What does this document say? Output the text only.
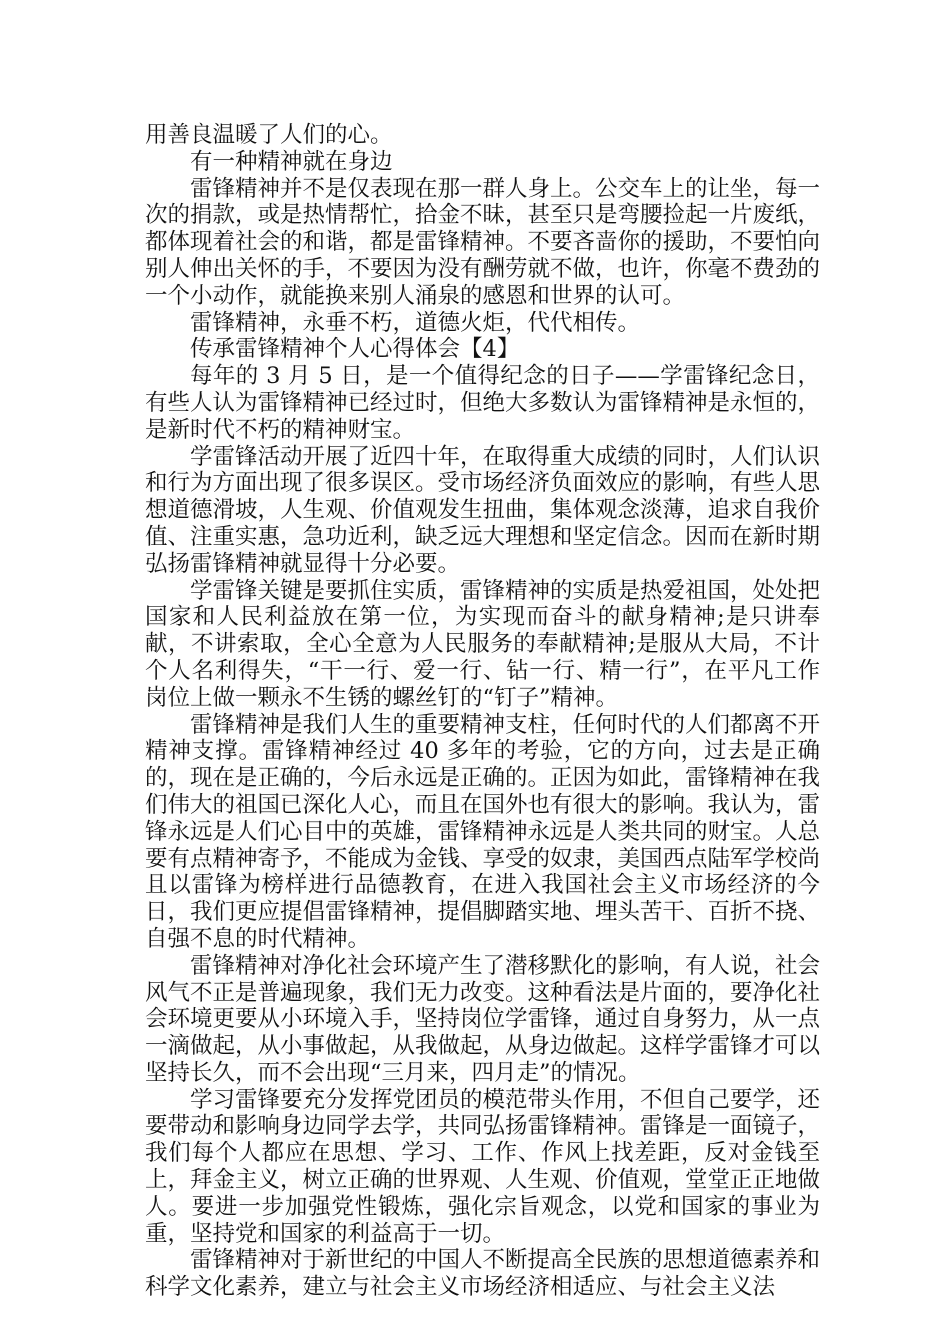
用善良温暖了人们的心。

有一种精神就在身边

雷锋精神并不是仅表现在那一群人身上。公交车上的让坐，每一次的捐款，或是热情帮忙，拾金不昧，甚至只是弯腰捡起一片废纸，都体现着社会的和谐，都是雷锋精神。不要吝啬你的援助，不要怕向别人伸出关怀的手，不要因为没有酬劳就不做，也许，你毫不费劲的一个小动作，就能换来别人涌泉的感恩和世界的认可。

雷锋精神，永垂不朽，道德火炬，代代相传。

传承雷锋精神个人心得体会【4】

每年的 3 月 5 日，是一个值得纪念的日子——学雷锋纪念日，有些人认为雷锋精神已经过时，但绝大多数认为雷锋精神是永恒的，是新时代不朽的精神财宝。

学雷锋活动开展了近四十年，在取得重大成绩的同时，人们认识和行为方面出现了很多误区。受市场经济负面效应的影响，有些人思想道德滑坡，人生观、价值观发生扭曲，集体观念淡薄，追求自我价值、注重实惠，急功近利，缺乏远大理想和坚定信念。因而在新时期弘扬雷锋精神就显得十分必要。

学雷锋关键是要抓住实质，雷锋精神的实质是热爱祖国，处处把国家和人民利益放在第一位，为实现而奋斗的献身精神;是只讲奉献，不讲索取，全心全意为人民服务的奉献精神;是服从大局，不计个人名利得失，“干一行、爱一行、钻一行、精一行”，在平凡工作岗位上做一颗永不生锈的螺丝钉的“钉子”精神。

雷锋精神是我们人生的重要精神支柱，任何时代的人们都离不开精神支撑。雷锋精神经过 40 多年的考验，它的方向，过去是正确的，现在是正确的，今后永远是正确的。正因为如此，雷锋精神在我们伟大的祖国已深化人心，而且在国外也有很大的影响。我认为，雷锋永远是人们心目中的英雄，雷锋精神永远是人类共同的财宝。人总要有点精神寄予，不能成为金钱、享受的奴隶，美国西点陆军学校尚且以雷锋为榜样进行品德教育，在进入我国社会主义市场经济的今日，我们更应提倡雷锋精神，提倡脚踏实地、埋头苦干、百折不挠、自强不息的时代精神。

雷锋精神对净化社会环境产生了潜移默化的影响，有人说，社会风气不正是普遍现象，我们无力改变。这种看法是片面的，要净化社会环境更要从小环境入手，坚持岗位学雷锋，通过自身努力，从一点一滴做起，从小事做起，从我做起，从身边做起。这样学雷锋才可以坚持长久，而不会出现“三月来，四月走”的情况。

学习雷锋要充分发挥党团员的模范带头作用，不但自己要学，还要带动和影响身边同学去学，共同弘扬雷锋精神。雷锋是一面镜子，我们每个人都应在思想、学习、工作、作风上找差距，反对金钱至上，拜金主义，树立正确的世界观、人生观、价值观，堂堂正正地做人。要进一步加强党性锻炼，强化宗旨观念，以党和国家的事业为重，坚持党和国家的利益高于一切。

雷锋精神对于新世纪的中国人不断提高全民族的思想道德素养和科学文化素养，建立与社会主义市场经济相适应、与社会主义法
